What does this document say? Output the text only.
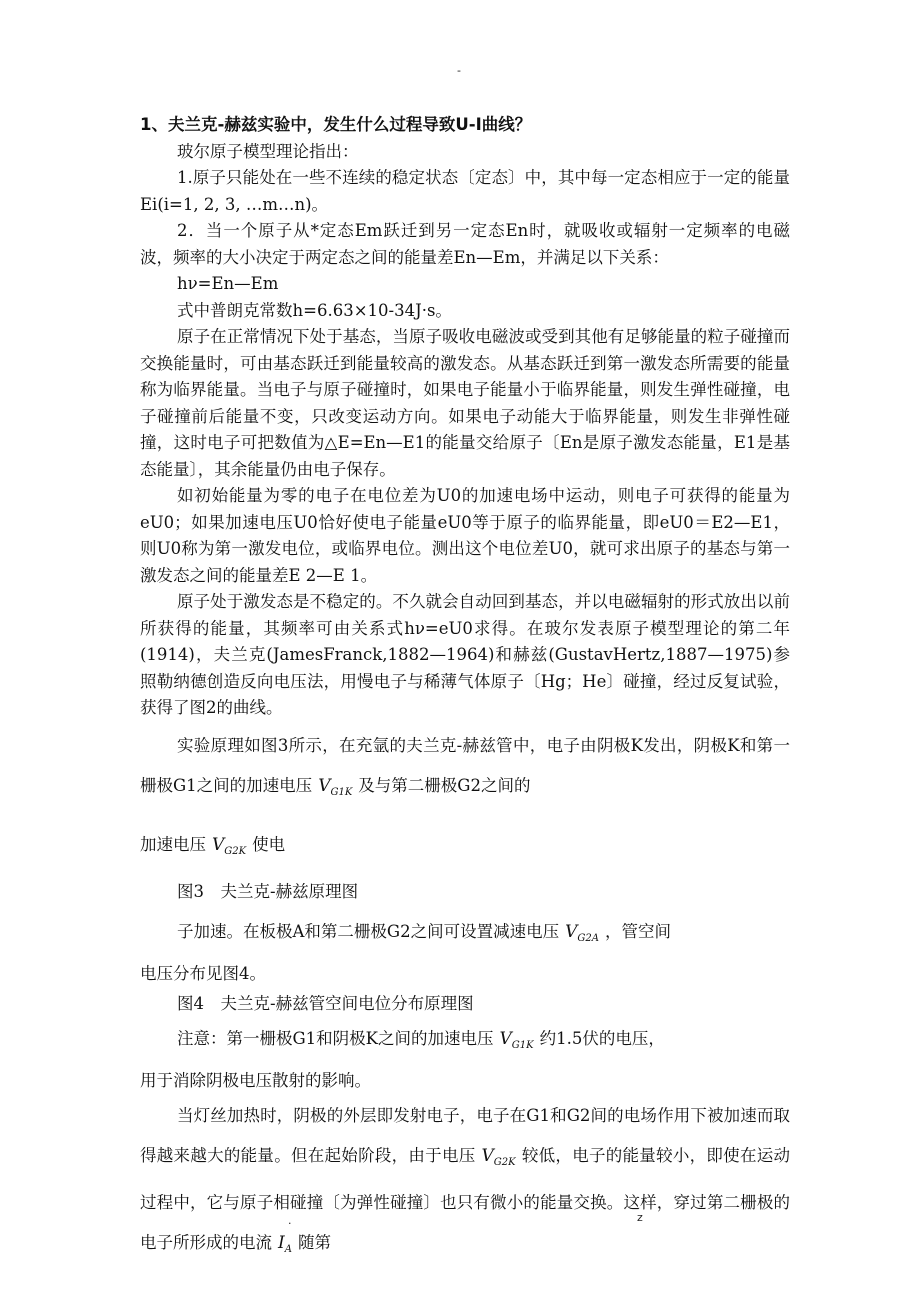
-
1、夫兰克-赫兹实验中，发生什么过程导致U-I曲线？

玻尔原子模型理论指出：

1.原子只能处在一些不连续的稳定状态〔定态〕中，其中每一定态相应于一定的能量Ei(i=1, 2, 3, …m…n)。

2．当一个原子从*定态Em跃迁到另一定态En时，就吸收或辐射一定频率的电磁波，频率的大小决定于两定态之间的能量差En—Em，并满足以下关系：

hν=En—Em

式中普朗克常数h=6.63×10-34J·s。

原子在正常情况下处于基态，当原子吸收电磁波或受到其他有足够能量的粒子碰撞而交换能量时，可由基态跃迁到能量较高的激发态。从基态跃迁到第一激发态所需要的能量称为临界能量。当电子与原子碰撞时，如果电子能量小于临界能量，则发生弹性碰撞，电子碰撞前后能量不变，只改变运动方向。如果电子动能大于临界能量，则发生非弹性碰撞，这时电子可把数值为△E=En—E1的能量交给原子〔En是原子激发态能量，E1是基态能量〕，其余能量仍由电子保存。

如初始能量为零的电子在电位差为U0的加速电场中运动，则电子可获得的能量为eU0；如果加速电压U0恰好使电子能量eU0等于原子的临界能量，即eU0＝E2—E1，则U0称为第一激发电位，或临界电位。测出这个电位差U0，就可求出原子的基态与第一激发态之间的能量差E 2—E 1。

原子处于激发态是不稳定的。不久就会自动回到基态，并以电磁辐射的形式放出以前所获得的能量，其频率可由关系式hν=eU0求得。在玻尔发表原子模型理论的第二年(1914)，夫兰克(JamesFranck,1882—1964)和赫兹(GustavHertz,1887—1975)参照勒纳德创造反向电压法，用慢电子与稀薄气体原子〔Hg；He〕碰撞，经过反复试验，获得了图2的曲线。

实验原理如图3所示，在充氩的夫兰克-赫兹管中，电子由阴极K发出，阴极K和第一栅极G1之间的加速电压 $V_{G1K}$ 及与第二栅极G2之间的

加速电压 $V_{G2K}$ 使电

图3　夫兰克-赫兹原理图

子加速。在板极A和第二栅极G2之间可设置减速电压 $V_{G2A}$ ，管空间

电压分布见图4。

图4　夫兰克-赫兹管空间电位分布原理图

注意：第一栅极G1和阴极K之间的加速电压 $V_{G1K}$ 约1.5伏的电压，

用于消除阴极电压散射的影响。

当灯丝加热时，阴极的外层即发射电子，电子在G1和G2间的电场作用下被加速而取得越来越大的能量。但在起始阶段，由于电压 $V_{G2K}$ 较低，电子的能量较小，即使在运动过程中，它与原子相碰撞〔为弹性碰撞〕也只有微小的能量交换。这样，穿过第二栅极的电子所形成的电流 $I_A$ 随第

.	z
